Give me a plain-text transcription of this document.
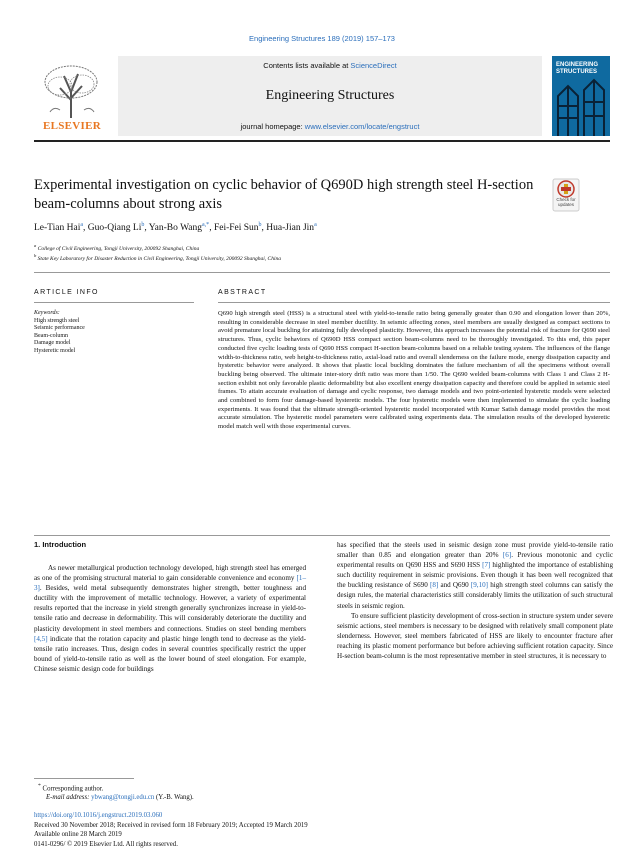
Engineering Structures 189 (2019) 157–173
ELSEVIER
Contents lists available at ScienceDirect
Engineering Structures
journal homepage: www.elsevier.com/locate/engstruct
ENGINEERING STRUCTURES
Experimental investigation on cyclic behavior of Q690D high strength steel H-section beam-columns about strong axis	Check for updates
Le-Tian Hai$^a$, Guo-Qiang Li$^b$, Yan-Bo Wang$^{a,*}$, Fei-Fei Sun$^b$, Hua-Jian Jin$^a$
$^a$ College of Civil Engineering, Tongji University, 200092 Shanghai, China
$^b$ State Key Laboratory for Disaster Reduction in Civil Engineering, Tongji University, 200092 Shanghai, China
ARTICLE INFO	ABSTRACT
Keywords:
High strength steel
Seismic performance
Beam-column
Damage model
Hysteretic model
Q690 high strength steel (HSS) is a structural steel with yield-to-tensile ratio being generally greater than 0.90 and elongation lower than 20%, resulting in considerable decrease in steel member ductility. In seismic affecting zones, steel members are usually designed as compact sections to avoid premature local buckling for attaining fully developed plasticity. However, this approach increases the potential risk of fracture for Q690 steel structures. Thus, cyclic behaviors of Q690D HSS compact section beam-columns need to be thoroughly investigated. To this end, this paper conducted five cyclic loading tests of Q690 HSS compact H-section beam-columns based on a reliable testing system. The influences of the flange width-to-thickness ratio, web height-to-thickness ratio, axial-load ratio and overall slenderness on the failure mode, energy dissipation capacity and hysteretic behavior were analyzed. It shows that plastic local buckling dominates the failure mechanism of all the specimens without overall buckling being observed. The ultimate inter-story drift ratio was more than 1/50. The Q690 welded beam-columns with Class 1 and Class 2 H-section exhibit not only favorable plastic deformability but also excellent energy dissipation capacity and therefore could be applied in seismic steel frames. To attain accurate evaluation of damage and cyclic response, two damage models and two point-oriented hysteretic models were selected and combined to form four damage-based hysteretic models. The four hysteretic models were then implemented to simulate the cyclic loading experiments. It was found that the ultimate strength-oriented hysteretic model incorporated with Kumar Satish damage model provides the most accurate simulation. The hysteretic model parameters were calibrated using experiments data. The simulation results of the developed hysteretic model match well with those experimental curves.
1. Introduction
As newer metallurgical production technology developed, high strength steel has emerged as one of the promising structural material to gain considerable convenience and economy [1–3]. Besides, weld metal subsequently demonstrates higher strength, better toughness and ductility with the improvement of metallic technology. However, a variety of experimental results reported that the increase in yield strength generally synchronizes increase in yield-to-tensile ratio and decrease in deformability. This will considerably deteriorate the ductility and plasticity development in steel members and connections. Studies on steel bending members [4,5] indicate that the rotation capacity and plastic hinge length tend to decrease as the yield-tensile ratio increases. Thus, design codes in several countries specifically restrict the upper bound of yield-to-tensile ratio as well as the lower bound of steel elongation. For example, Chinese seismic design code for buildings
has specified that the steels used in seismic design zone must provide yield-to-tensile ratio smaller than 0.85 and elongation greater than 20% [6]. Previous monotonic and cyclic experimental results on Q690 HSS and S690 HSS [7] highlighted the importance of establishing such ductility requirement in seismic provisions. Even though it has been well recognized that the buckling resistance of S690 [8] and Q690 [9,10] high strength steel columns can satisfy the design rules, the material characteristics still considerably limits the utilization of such structural steels in seismic region.
To ensure sufficient plasticity development of cross-section in structure system under severe seismic actions, steel members is necessary to be designed with relatively small component plate slenderness. However, steel members fabricated of HSS are likely to encounter fracture after reaching its plastic moment performance but before achieving sufficient rotation capacity. Since H-section beam-column is the most representative member in steel structures, it is necessary to
* Corresponding author.
E-mail address: ybwang@tongji.edu.cn (Y.-B. Wang).
https://doi.org/10.1016/j.engstruct.2019.03.060
Received 30 November 2018; Received in revised form 18 February 2019; Accepted 19 March 2019
Available online 28 March 2019
0141-0296/ © 2019 Elsevier Ltd. All rights reserved.
